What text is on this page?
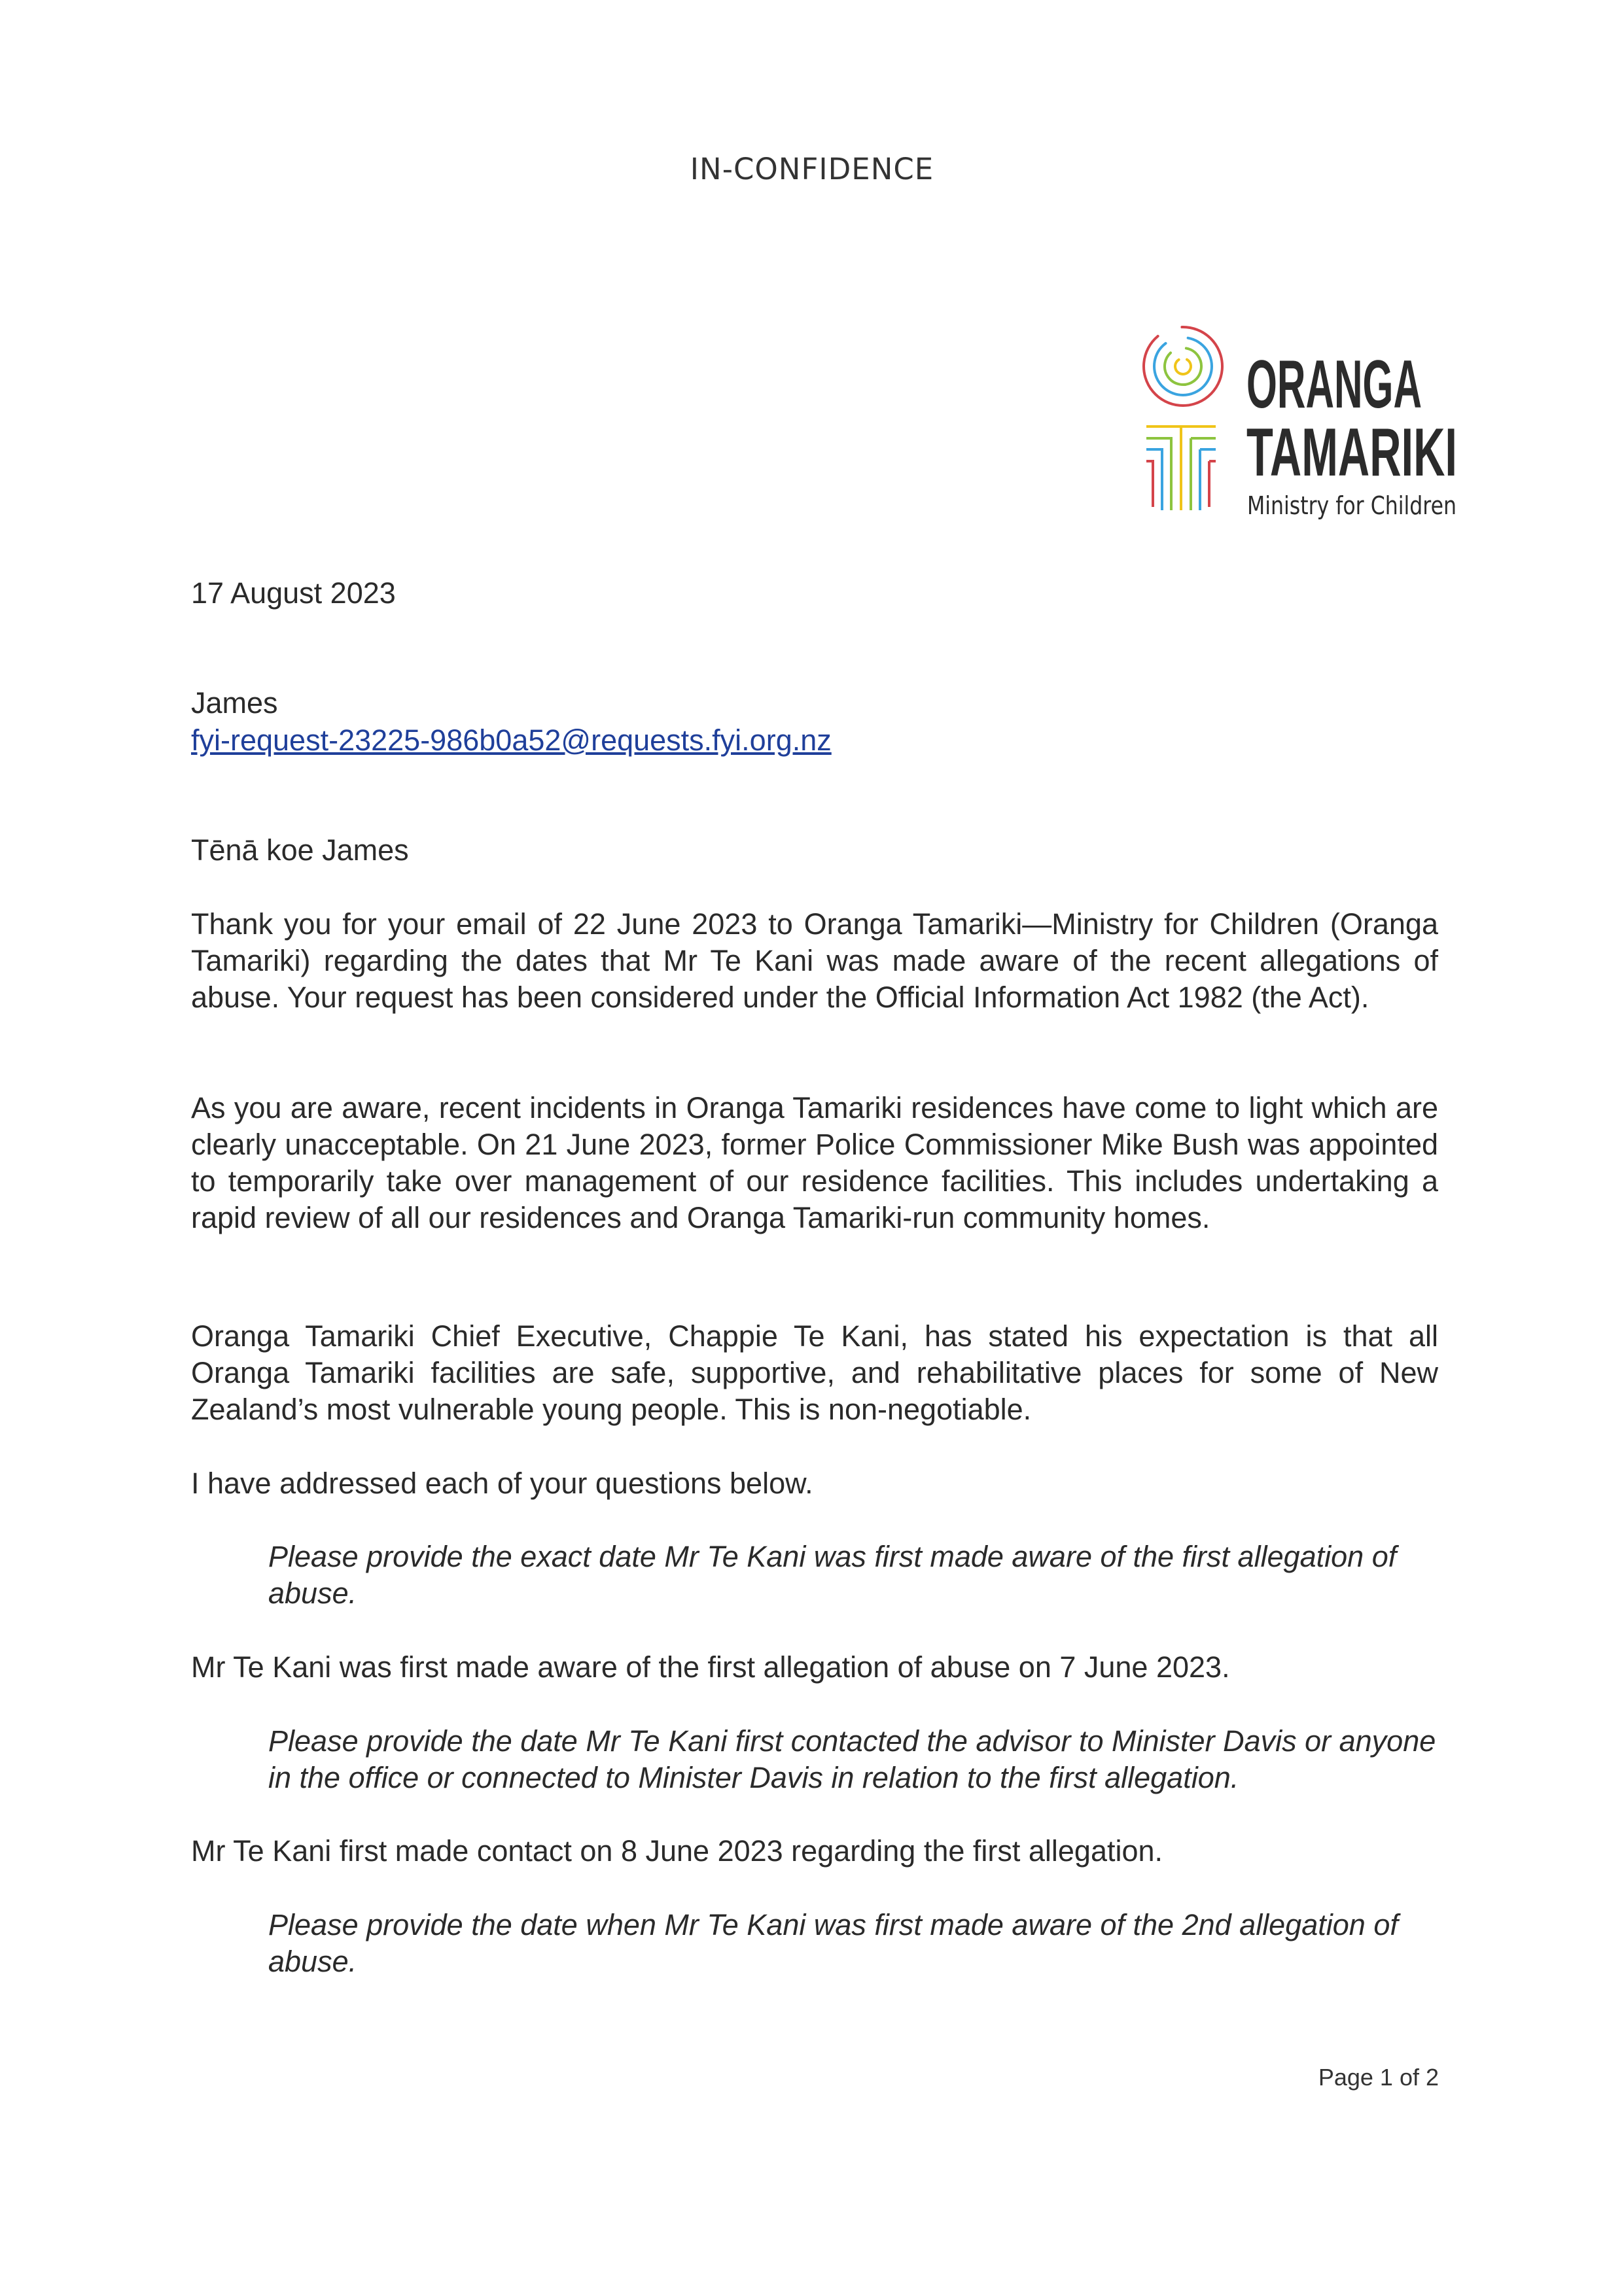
IN-CONFIDENCE
ORANGA
TAMARIKI
Ministry for Children
17 August 2023
James
fyi-request-23225-986b0a52@requests.fyi.org.nz
Tēnā koe James
Thank you for your email of 22 June 2023 to Oranga Tamariki—Ministry for Children (Oranga Tamariki) regarding the dates that Mr Te Kani was made aware of the recent allegations of abuse. Your request has been considered under the Official Information Act 1982 (the Act).
As you are aware, recent incidents in Oranga Tamariki residences have come to light which are clearly unacceptable. On 21 June 2023, former Police Commissioner Mike Bush was appointed to temporarily take over management of our residence facilities. This includes undertaking a rapid review of all our residences and Oranga Tamariki-run community homes.
Oranga Tamariki Chief Executive, Chappie Te Kani, has stated his expectation is that all Oranga Tamariki facilities are safe, supportive, and rehabilitative places for some of New Zealand’s most vulnerable young people. This is non-negotiable.
I have addressed each of your questions below.
Please provide the exact date Mr Te Kani was first made aware of the first allegation of abuse.
Mr Te Kani was first made aware of the first allegation of abuse on 7 June 2023.
Please provide the date Mr Te Kani first contacted the advisor to Minister Davis or anyone in the office or connected to Minister Davis in relation to the first allegation.
Mr Te Kani first made contact on 8 June 2023 regarding the first allegation.
Please provide the date when Mr Te Kani was first made aware of the 2nd allegation of abuse.
Page 1 of 2
